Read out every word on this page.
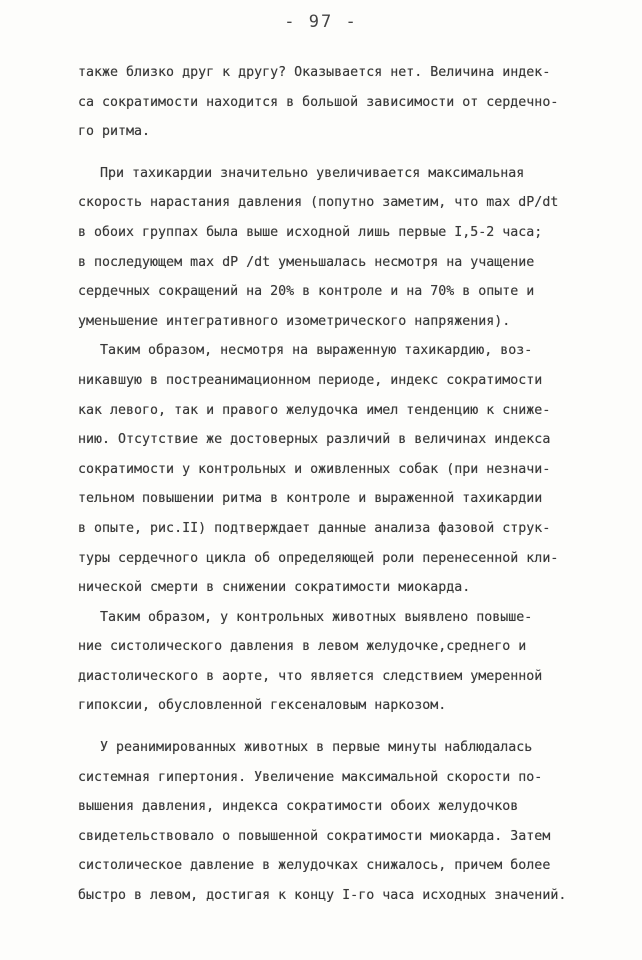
- 97 -
также близко друг к другу? Оказывается нет. Величина индек-
са сократимости находится в большой зависимости от сердечно-
го ритма.
При тахикардии значительно увеличивается максимальная
скорость нарастания давления (попутно заметим, что max dP/dt
в обоих группах была выше исходной лишь первые I,5-2 часа;
в последующем max dP /dt уменьшалась несмотря на учащение
сердечных сокращений на 20% в контроле и на 70% в опыте и
уменьшение интегративного изометрического напряжения).
Таким образом, несмотря на выраженную тахикардию, воз-
никавшую в постреанимационном периоде, индекс сократимости
как левого, так и правого желудочка имел тенденцию к сниже-
нию. Отсутствие же достоверных различий в величинах индекса
сократимости у контрольных и оживленных собак (при незначи-
тельном повышении ритма в контроле и выраженной тахикардии
в опыте, рис.II) подтверждает данные анализа фазовой струк-
туры сердечного цикла об определяющей роли перенесенной кли-
нической смерти в снижении сократимости миокарда.
Таким образом, у контрольных животных выявлено повыше-
ние систолического давления в левом желудочке,среднего и
диастолического в аорте, что является следствием умеренной
гипоксии, обусловленной гексеналовым наркозом.
У реанимированных животных в первые минуты наблюдалась
системная гипертония. Увеличение максимальной скорости по-
вышения давления, индекса сократимости обоих желудочков
свидетельствовало о повышенной сократимости миокарда. Затем
систолическое давление в желудочках снижалось, причем более
быстро в левом, достигая к концу I-го часа исходных значений.
